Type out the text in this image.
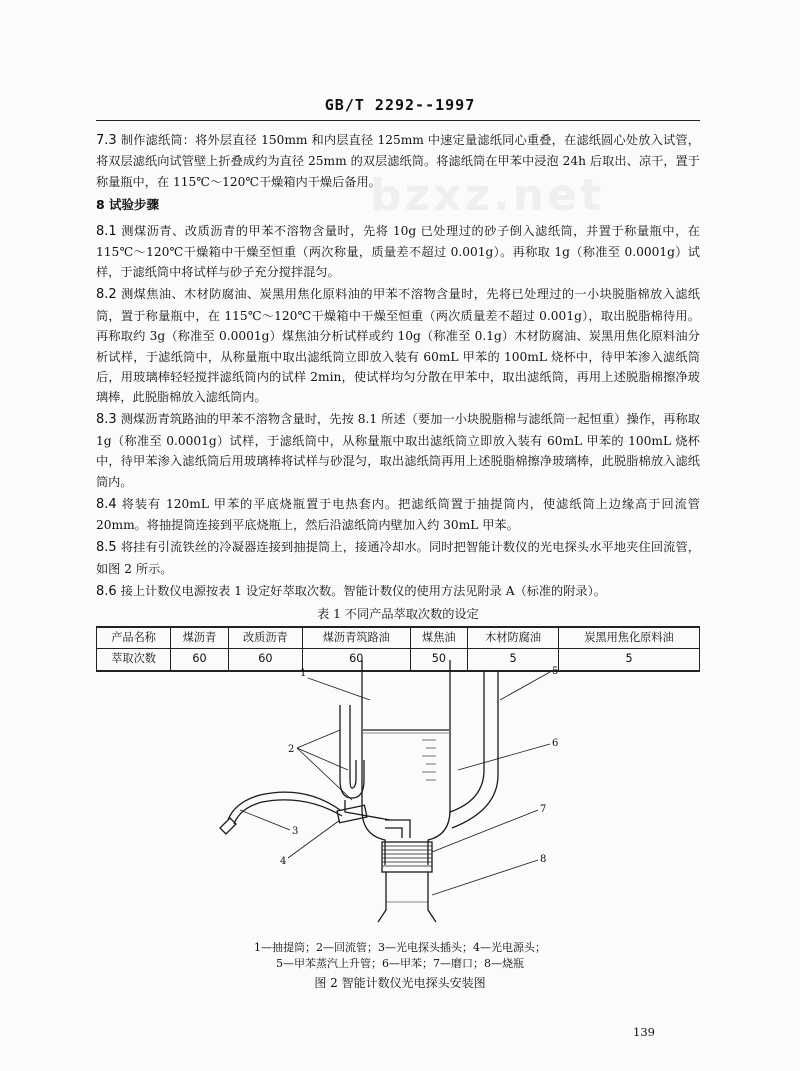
bzxz.net
GB/T 2292--1997

7.3 制作滤纸筒：将外层直径 150mm 和内层直径 125mm 中速定量滤纸同心重叠，在滤纸圆心处放入试管，将双层滤纸向试管壁上折叠成约为直径 25mm 的双层滤纸筒。将滤纸筒在甲苯中浸泡 24h 后取出、凉干，置于称量瓶中，在 115℃～120℃干燥箱内干燥后备用。

8 试验步骤

8.1 测煤沥青、改质沥青的甲苯不溶物含量时，先将 10g 已处理过的砂子倒入滤纸筒，并置于称量瓶中，在 115℃～120℃干燥箱中干燥至恒重（两次称量，质量差不超过 0.001g）。再称取 1g（称准至 0.0001g）试样，于滤纸筒中将试样与砂子充分搅拌混匀。

8.2 测煤焦油、木材防腐油、炭黑用焦化原料油的甲苯不溶物含量时，先将已处理过的一小块脱脂棉放入滤纸筒，置于称量瓶中，在 115℃～120℃干燥箱中干燥至恒重（两次质量差不超过 0.001g），取出脱脂棉待用。再称取约 3g（称准至 0.0001g）煤焦油分析试样或约 10g（称准至 0.1g）木材防腐油、炭黑用焦化原料油分析试样，于滤纸筒中，从称量瓶中取出滤纸筒立即放入装有 60mL 甲苯的 100mL 烧杯中，待甲苯渗入滤纸筒后，用玻璃棒轻轻搅拌滤纸筒内的试样 2min，使试样均匀分散在甲苯中，取出滤纸筒，再用上述脱脂棉擦净玻璃棒，此脱脂棉放入滤纸筒内。

8.3 测煤沥青筑路油的甲苯不溶物含量时，先按 8.1 所述（要加一小块脱脂棉与滤纸筒一起恒重）操作，再称取 1g（称准至 0.0001g）试样，于滤纸筒中，从称量瓶中取出滤纸筒立即放入装有 60mL 甲苯的 100mL 烧杯中，待甲苯渗入滤纸筒后用玻璃棒将试样与砂混匀，取出滤纸筒再用上述脱脂棉擦净玻璃棒，此脱脂棉放入滤纸筒内。

8.4 将装有 120mL 甲苯的平底烧瓶置于电热套内。把滤纸筒置于抽提筒内，使滤纸筒上边缘高于回流管 20mm。将抽提筒连接到平底烧瓶上，然后沿滤纸筒内壁加入约 30mL 甲苯。

8.5 将挂有引流铁丝的冷凝器连接到抽提筒上，接通冷却水。同时把智能计数仪的光电探头水平地夹住回流管，如图 2 所示。

8.6 接上计数仪电源按表 1 设定好萃取次数。智能计数仪的使用方法见附录 A（标准的附录）。

表 1 不同产品萃取次数的设定

产品名称	煤沥青	改质沥青	煤沥青筑路油	煤焦油	木材防腐油	炭黑用焦化原料油
萃取次数	60	60	60	50	5	5
1
2
3
4
5
6
7
8
1—抽提筒；2—回流管；3—光电探头插头；4—光电源头；
5—甲苯蒸汽上升管；6—甲苯；7—磨口；8—烧瓶
图 2 智能计数仪光电探头安装图
139
